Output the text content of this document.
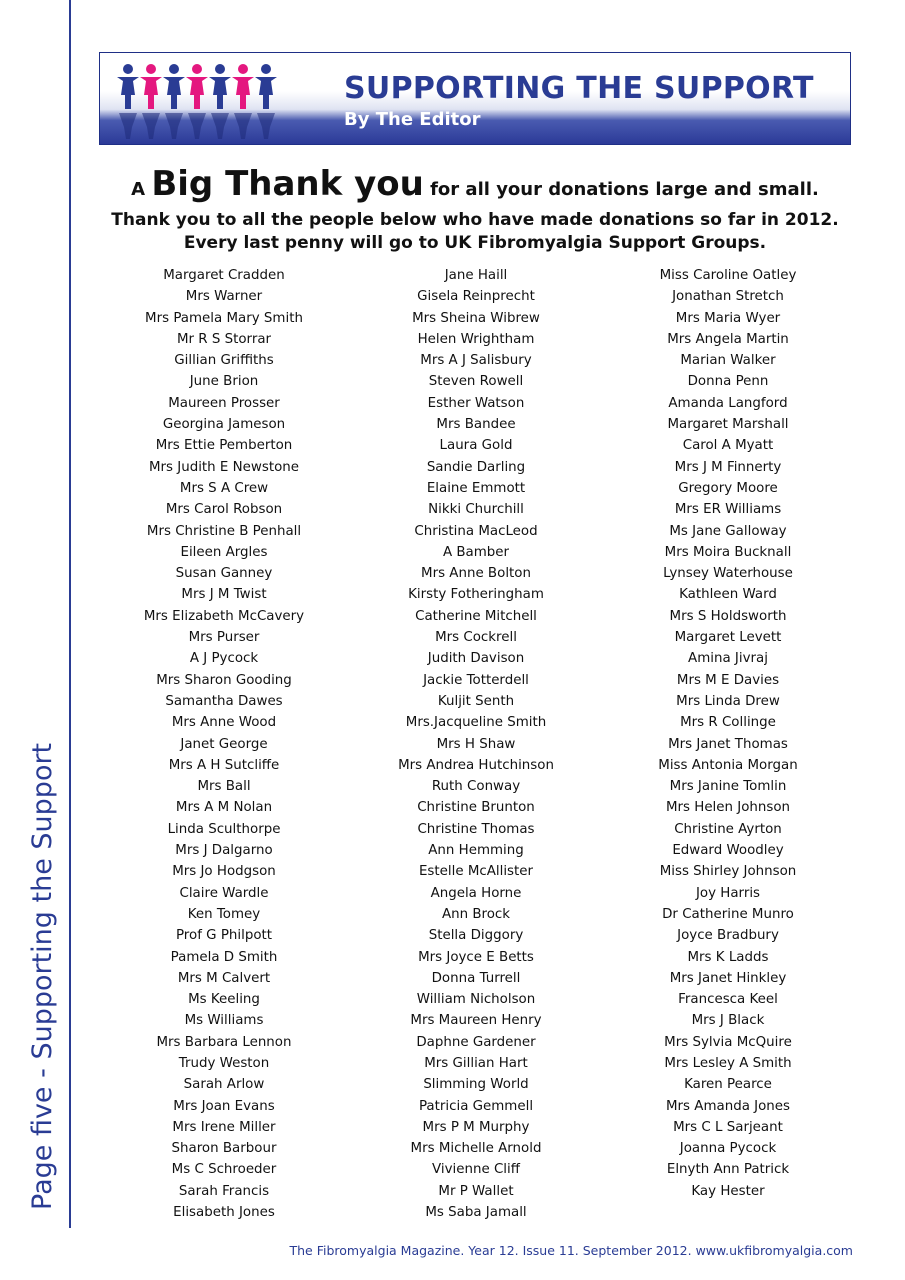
Page five - Supporting the Support
SUPPORTING THE SUPPORT
By The Editor
A Big Thank you for all your donations large and small.
Thank you to all the people below who have made donations so far in 2012.
Every last penny will go to UK Fibromyalgia Support Groups.
Margaret Cradden
Mrs Warner
Mrs Pamela Mary Smith
Mr R S Storrar
Gillian Griffiths
June Brion
Maureen Prosser
Georgina Jameson
Mrs Ettie Pemberton
Mrs Judith E Newstone
Mrs S A Crew
Mrs Carol Robson
Mrs Christine B Penhall
Eileen Argles
Susan Ganney
Mrs J M Twist
Mrs Elizabeth McCavery
Mrs Purser
A J Pycock
Mrs Sharon Gooding
Samantha Dawes
Mrs Anne Wood
Janet George
Mrs A H Sutcliffe
Mrs Ball
Mrs A M Nolan
Linda Sculthorpe
Mrs J Dalgarno
Mrs Jo Hodgson
Claire Wardle
Ken Tomey
Prof G Philpott
Pamela D Smith
Mrs M Calvert
Ms Keeling
Ms Williams
Mrs Barbara Lennon
Trudy Weston
Sarah Arlow
Mrs Joan Evans
Mrs Irene Miller
Sharon Barbour
Ms C Schroeder
Sarah Francis
Elisabeth Jones
Jane Haill
Gisela Reinprecht
Mrs Sheina Wibrew
Helen Wrightham
Mrs A J Salisbury
Steven Rowell
Esther Watson
Mrs Bandee
Laura Gold
Sandie Darling
Elaine Emmott
Nikki Churchill
Christina MacLeod
A Bamber
Mrs Anne Bolton
Kirsty Fotheringham
Catherine Mitchell
Mrs Cockrell
Judith Davison
Jackie Totterdell
Kuljit Senth
Mrs.Jacqueline Smith
Mrs H Shaw
Mrs Andrea Hutchinson
Ruth Conway
Christine Brunton
Christine Thomas
Ann Hemming
Estelle McAllister
Angela Horne
Ann Brock
Stella Diggory
Mrs Joyce E Betts
Donna Turrell
William Nicholson
Mrs Maureen Henry
Daphne Gardener
Mrs Gillian Hart
Slimming World
Patricia Gemmell
Mrs P M Murphy
Mrs Michelle Arnold
Vivienne Cliff
Mr P Wallet
Ms Saba Jamall
Miss Caroline Oatley
Jonathan Stretch
Mrs Maria Wyer
Mrs Angela Martin
Marian Walker
Donna Penn
Amanda Langford
Margaret Marshall
Carol A Myatt
Mrs J M Finnerty
Gregory Moore
Mrs ER Williams
Ms Jane Galloway
Mrs Moira Bucknall
Lynsey Waterhouse
Kathleen Ward
Mrs S Holdsworth
Margaret Levett
Amina Jivraj
Mrs M E Davies
Mrs Linda Drew
Mrs R Collinge
Mrs Janet Thomas
Miss Antonia Morgan
Mrs Janine Tomlin
Mrs Helen Johnson
Christine Ayrton
Edward Woodley
Miss Shirley Johnson
Joy Harris
Dr Catherine Munro
Joyce Bradbury
Mrs K Ladds
Mrs Janet Hinkley
Francesca Keel
Mrs J Black
Mrs Sylvia McQuire
Mrs Lesley A Smith
Karen Pearce
Mrs Amanda Jones
Mrs C L Sarjeant
Joanna Pycock
Elnyth Ann Patrick
Kay Hester
The Fibromyalgia Magazine. Year 12. Issue 11. September 2012. www.ukfibromyalgia.com
